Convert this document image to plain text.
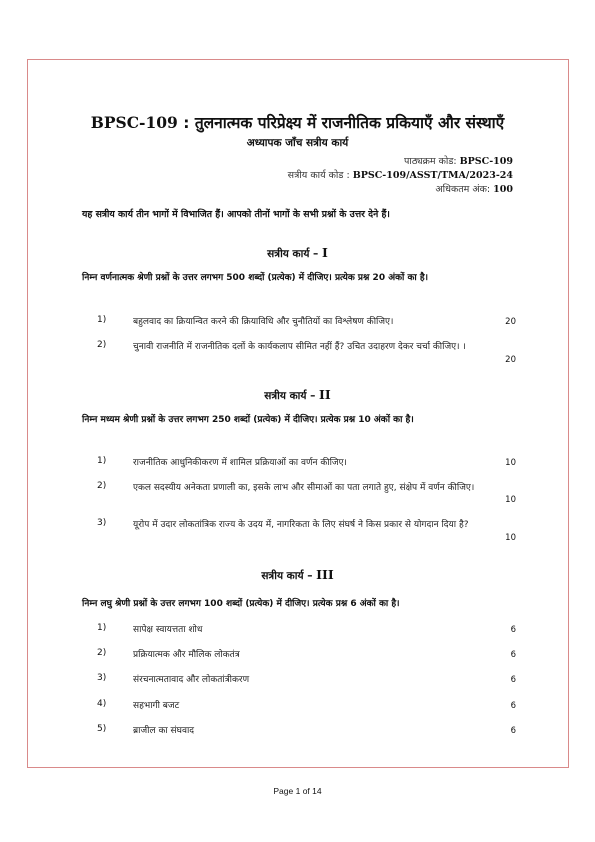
BPSC-109 : तुलनात्मक परिप्रेक्ष्य में राजनीतिक प्रकियाएँ और संस्थाएँ
अध्यापक जाँच सत्रीय कार्य
पाठ्यक्रम कोड: BPSC-109
सत्रीय कार्य कोड : BPSC-109/ASST/TMA/2023-24
अधिकतम अंक: 100
यह सत्रीय कार्य तीन भागों में विभाजित हैं। आपको तीनों भागों के सभी प्रश्नों के उत्तर देने हैं।
सत्रीय कार्य – I
निम्न वर्णनात्मक श्रेणी प्रश्नों के उत्तर लगभग 500 शब्दों (प्रत्येक) में दीजिए। प्रत्येक प्रश्न 20 अंकों का है।
1)	बहुलवाद का क्रियान्वित करने की क्रियाविधि और चुनौतियों का विश्लेषण कीजिए।	20
2)	चुनावी राजनीति में राजनीतिक दलों के कार्यकलाप सीमित नहीं हैं? उचित उदाहरण देकर चर्चा कीजिए। ।
20
सत्रीय कार्य – II
निम्न मध्यम श्रेणी प्रश्नों के उत्तर लगभग 250 शब्दों (प्रत्येक) में दीजिए। प्रत्येक प्रश्न 10 अंकों का है।
1)	राजनीतिक आधुनिकीकरण में शामिल प्रक्रियाओं का वर्णन कीजिए।	10
2)	एकल सदस्यीय अनेकता प्रणाली का, इसके लाभ और सीमाओं का पता लगाते हुए, संक्षेप में वर्णन कीजिए।
10
3)	यूरोप में उदार लोकतांत्रिक राज्य के उदय में, नागरिकता के लिए संघर्ष ने किस प्रकार से योगदान दिया है?
10
सत्रीय कार्य – III
निम्न लघु श्रेणी प्रश्नों के उत्तर लगभग 100 शब्दों (प्रत्येक) में दीजिए। प्रत्येक प्रश्न 6 अंकों का है।
1)	सापेक्ष स्वायत्तता शोध	6
2)	प्रक्रियात्मक और मौलिक लोकतंत्र	6
3)	संरचनात्मतावाद और लोकतांत्रीकरण	6
4)	सहभागी बजट	6
5)	ब्राजील का संघवाद	6
Page 1 of 14
